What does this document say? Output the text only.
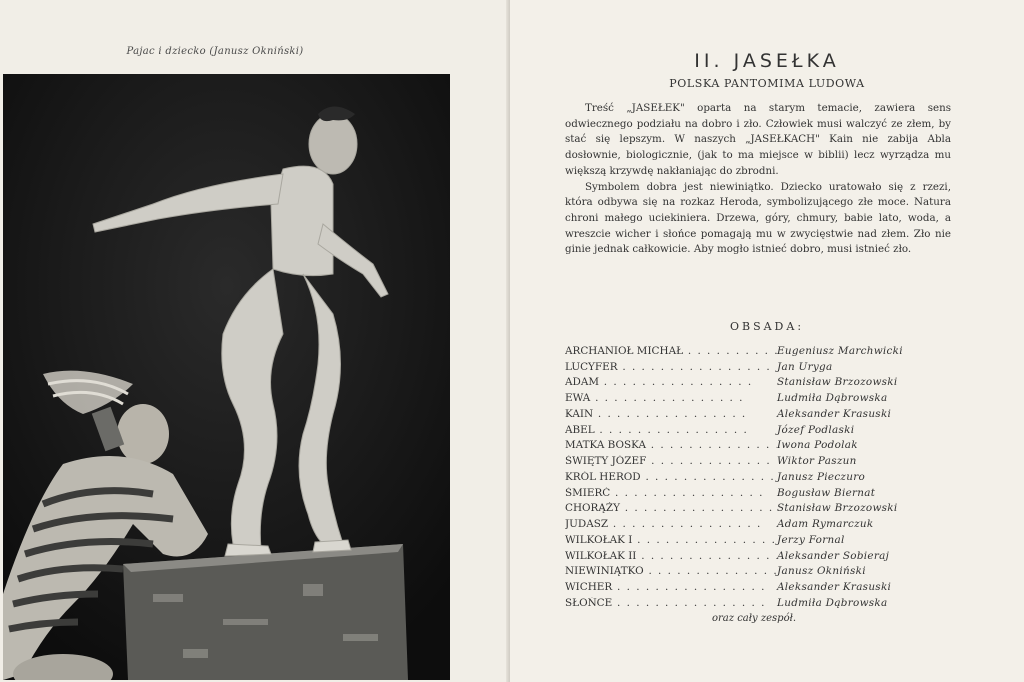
Pajac i dziecko (Janusz Okniński)	II. JASEŁKA
POLSKA PANTOMIMA LUDOWA

Treść „JASEŁEK" oparta na starym temacie, zawiera sens odwiecznego podziału na dobro i zło. Człowiek musi walczyć ze złem, by stać się lepszym. W naszych „JASEŁKACH" Kain nie zabija Abla dosłownie, biologicznie, (jak to ma miejsce w biblii) lecz wyrządza mu większą krzywdę nakłaniając do zbrodni.

Symbolem dobra jest niewiniątko. Dziecko uratowało się z rzezi, która odbywa się na rozkaz Heroda, symbolizującego złe moce. Natura chroni małego uciekiniera. Drzewa, góry, chmury, babie lato, woda, a wreszcie wicher i słońce pomagają mu w zwycięstwie nad złem. Zło nie ginie jednak całkowicie. Aby mogło istnieć dobro, musi istnieć zło.

OBSADA:
ARCHANIOŁ MICHAŁ . . .	Eugeniusz Marchwicki
LUCYFER . . .	Jan Uryga
ADAM . . .	Stanisław Brzozowski
EWA . . .	Ludmiła Dąbrowska
KAIN . . .	Aleksander Krasuski
ABEL . . .	Józef Podlaski
MATKA BOSKA . . .	Iwona Podolak
ŚWIĘTY JÓZEF . . .	Wiktor Paszun
KRÓL HEROD . . .	Janusz Pieczuro
ŚMIERĆ . . .	Bogusław Biernat
CHORĄŻY . . .	Stanisław Brzozowski
JUDASZ . . .	Adam Rymarczuk
WILKOŁAK I . . .	Jerzy Fornal
WILKOŁAK II . . .	Aleksander Sobieraj
NIEWINIĄTKO . . .	Janusz Okniński
WICHER . . .	Aleksander Krasuski
SŁOŃCE . . .	Ludmiła Dąbrowska
oraz cały zespół.
